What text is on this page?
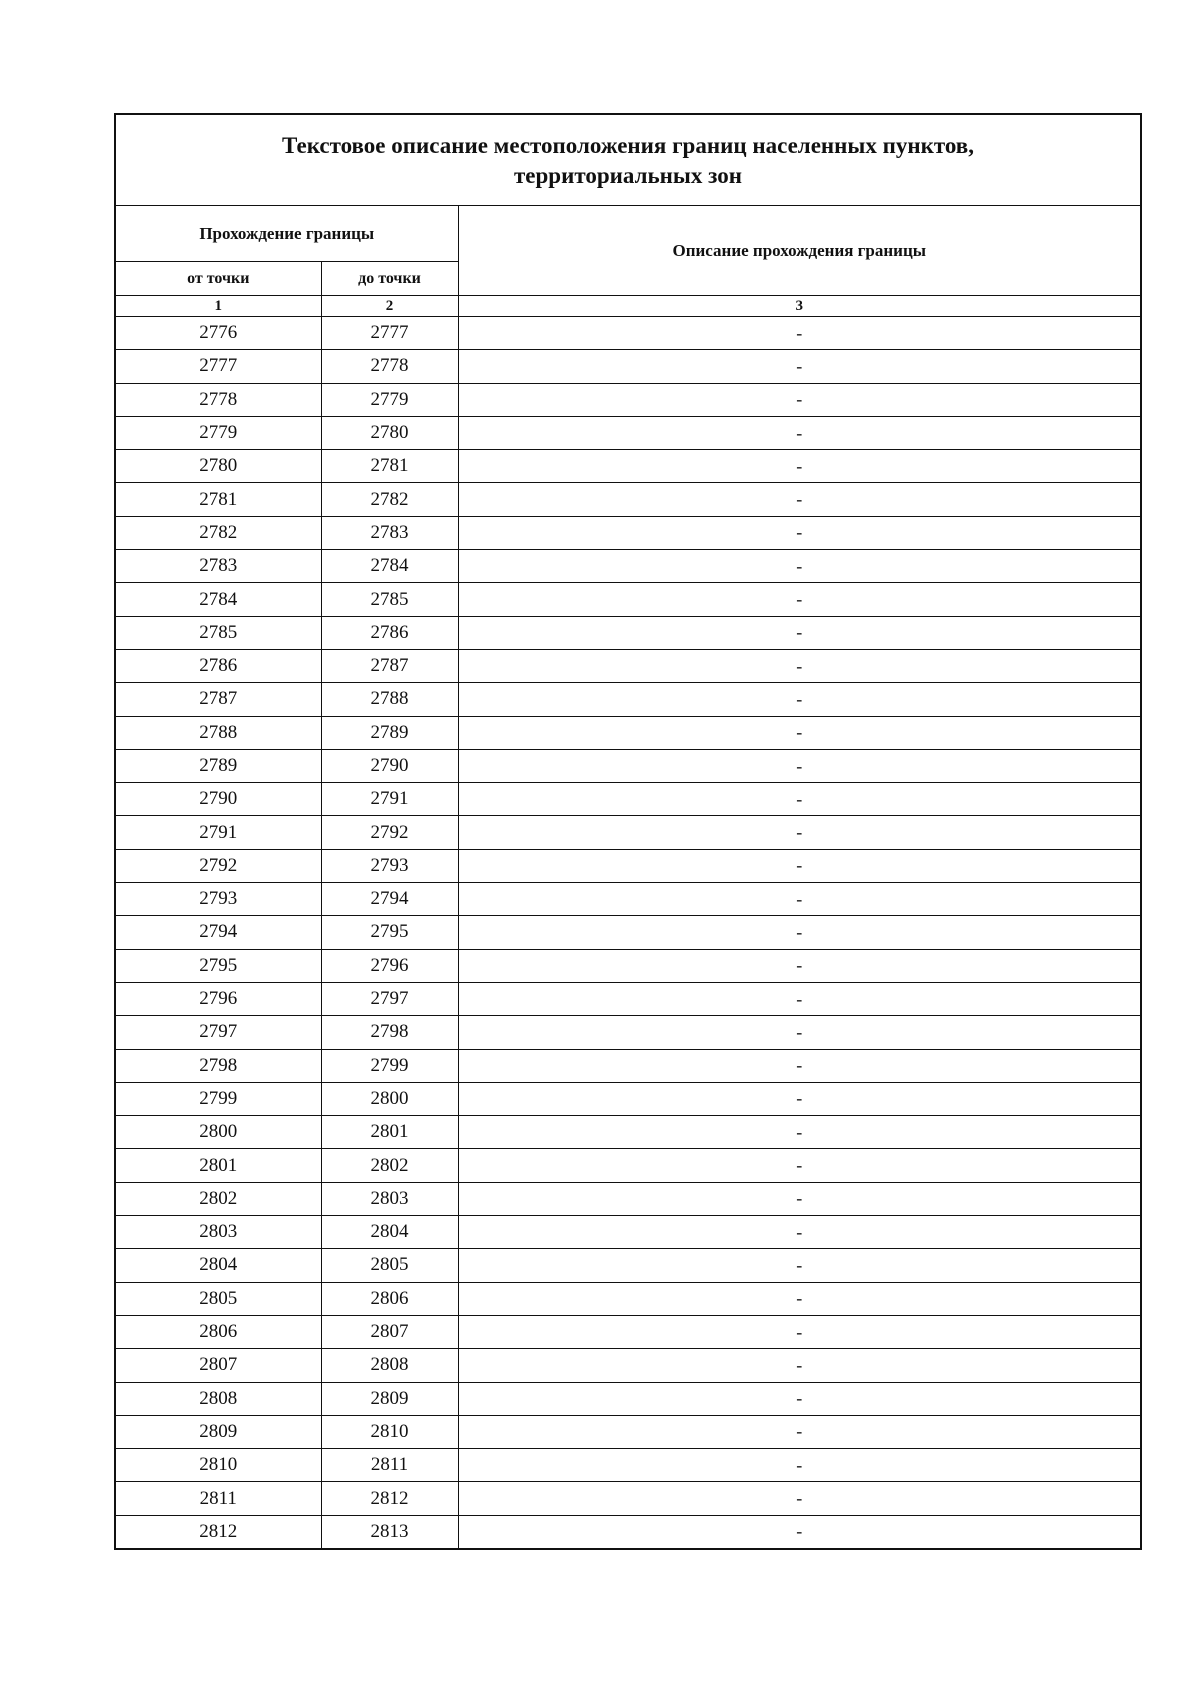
Текстовое описание местоположения границ населенных пунктов,
территориальных зон
Прохождение границы		Описание прохождения границы
от точки	до точки	
1	2	3
2776	2777	-
2777	2778	-
2778	2779	-
2779	2780	-
2780	2781	-
2781	2782	-
2782	2783	-
2783	2784	-
2784	2785	-
2785	2786	-
2786	2787	-
2787	2788	-
2788	2789	-
2789	2790	-
2790	2791	-
2791	2792	-
2792	2793	-
2793	2794	-
2794	2795	-
2795	2796	-
2796	2797	-
2797	2798	-
2798	2799	-
2799	2800	-
2800	2801	-
2801	2802	-
2802	2803	-
2803	2804	-
2804	2805	-
2805	2806	-
2806	2807	-
2807	2808	-
2808	2809	-
2809	2810	-
2810	2811	-
2811	2812	-
2812	2813	-
